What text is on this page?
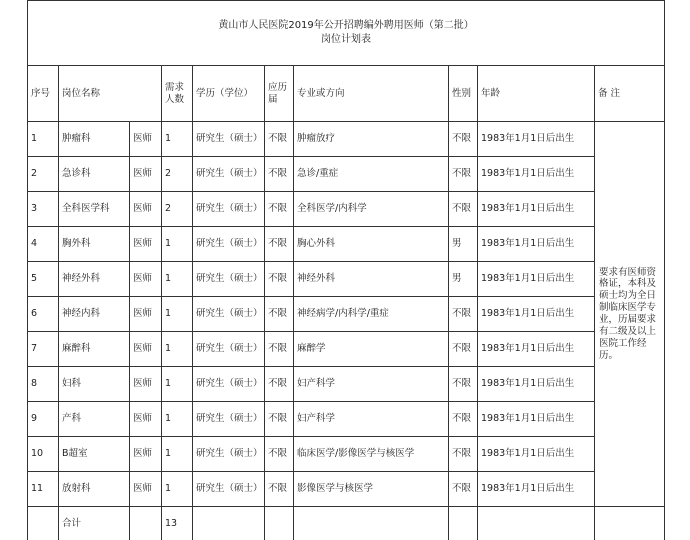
黄山市人民医院2019年公开招聘编外聘用医师（第二批）
岗位计划表									

序号	岗位名称		需求人数	学历（学位）	应历届	专业或方向	性别	年龄	备 注
1	肿瘤科	医师	1	研究生（硕士）	不限	肿瘤放疗	不限	1983年1月1日后出生	要求有医师资格证，本科及硕士均为全日制临床医学专业，历届要求有二级及以上医院工作经历。
2	急诊科	医师	2	研究生（硕士）	不限	急诊/重症	不限	1983年1月1日后出生	
3	全科医学科	医师	2	研究生（硕士）	不限	全科医学/内科学	不限	1983年1月1日后出生	
4	胸外科	医师	1	研究生（硕士）	不限	胸心外科	男	1983年1月1日后出生	
5	神经外科	医师	1	研究生（硕士）	不限	神经外科	男	1983年1月1日后出生	
6	神经内科	医师	1	研究生（硕士）	不限	神经病学/内科学/重症	不限	1983年1月1日后出生	
7	麻醉科	医师	1	研究生（硕士）	不限	麻醉学	不限	1983年1月1日后出生	
8	妇科	医师	1	研究生（硕士）	不限	妇产科学	不限	1983年1月1日后出生	
9	产科	医师	1	研究生（硕士）	不限	妇产科学	不限	1983年1月1日后出生	
10	B超室	医师	1	研究生（硕士）	不限	临床医学/影像医学与核医学	不限	1983年1月1日后出生	
11	放射科	医师	1	研究生（硕士）	不限	影像医学与核医学	不限	1983年1月1日后出生	
	合计		13						
